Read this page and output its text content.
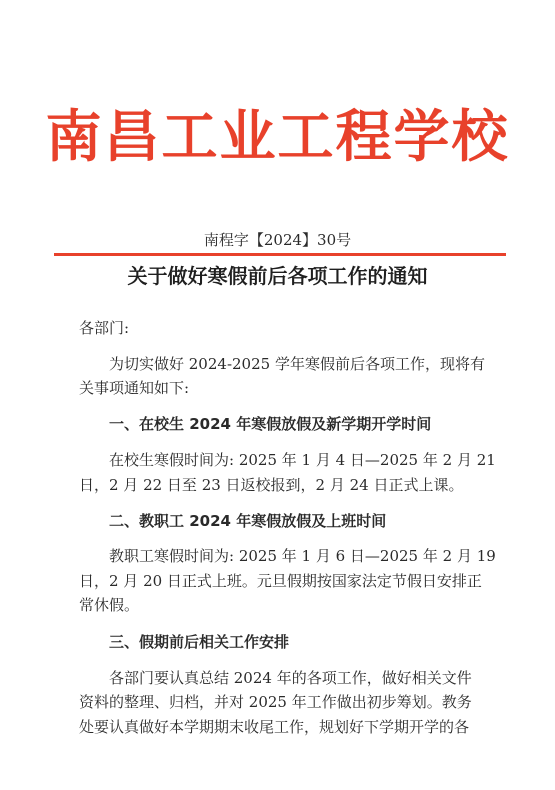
南昌工业工程学校
南程字【2024】30号
关于做好寒假前后各项工作的通知
各部门:
为切实做好 2024-2025 学年寒假前后各项工作，现将有
关事项通知如下:
一、在校生 2024 年寒假放假及新学期开学时间
在校生寒假时间为: 2025 年 1 月 4 日—2025 年 2 月 21
日，2 月 22 日至 23 日返校报到，2 月 24 日正式上课。
二、教职工 2024 年寒假放假及上班时间
教职工寒假时间为: 2025 年 1 月 6 日—2025 年 2 月 19
日，2 月 20 日正式上班。元旦假期按国家法定节假日安排正
常休假。
三、假期前后相关工作安排
各部门要认真总结 2024 年的各项工作，做好相关文件
资料的整理、归档，并对 2025 年工作做出初步筹划。教务
处要认真做好本学期期末收尾工作，规划好下学期开学的各
